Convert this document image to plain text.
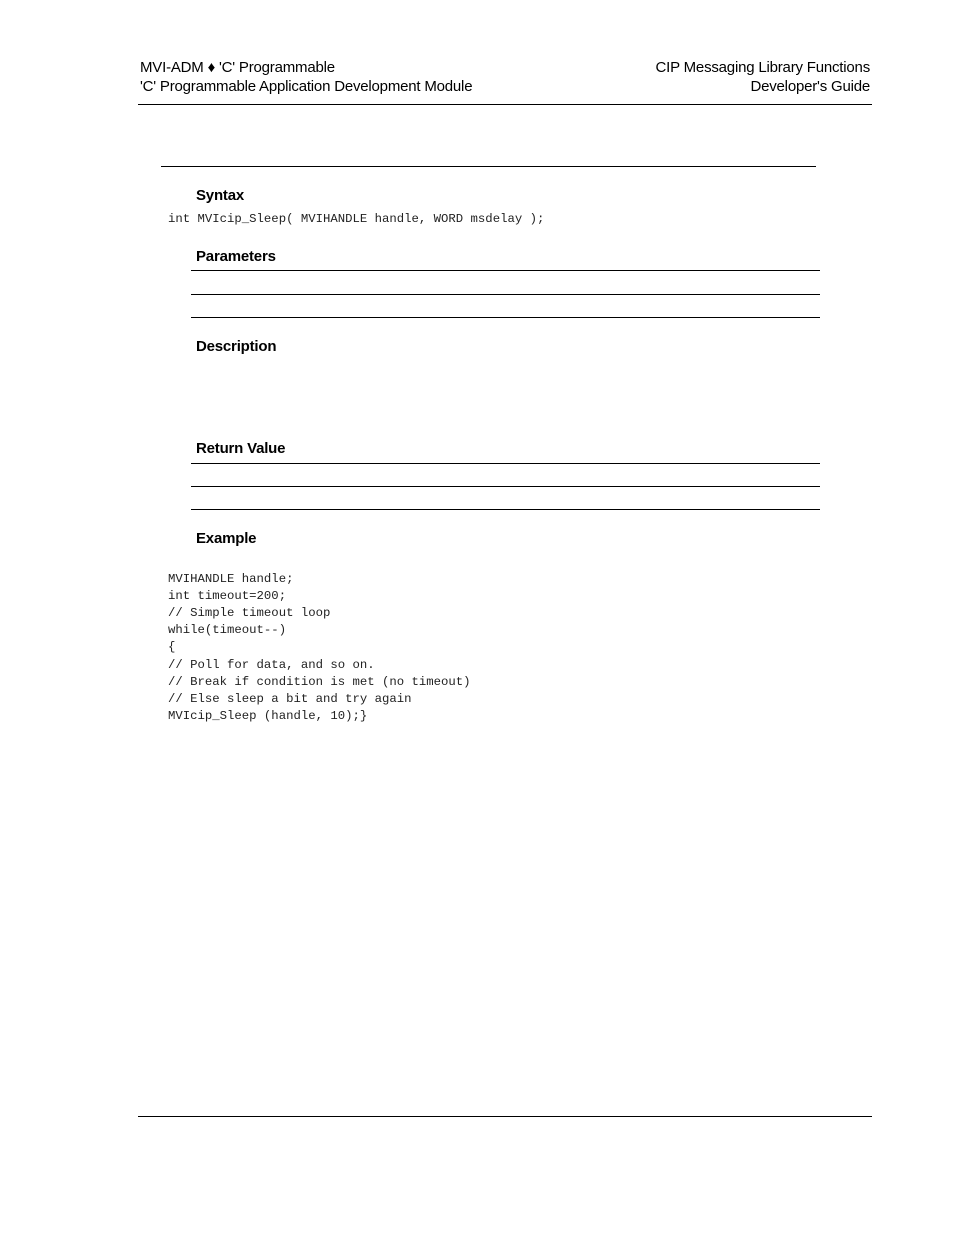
MVI-ADM ♦ 'C' Programmable
'C' Programmable Application Development Module
CIP Messaging Library Functions
Developer's Guide
Syntax
int MVIcip_Sleep( MVIHANDLE handle, WORD msdelay );
Parameters
Description
Return Value
Example

MVIHANDLE handle;
int timeout=200;
// Simple timeout loop
while(timeout--)
{
// Poll for data, and so on.
// Break if condition is met (no timeout)
// Else sleep a bit and try again
MVIcip_Sleep (handle, 10);}
